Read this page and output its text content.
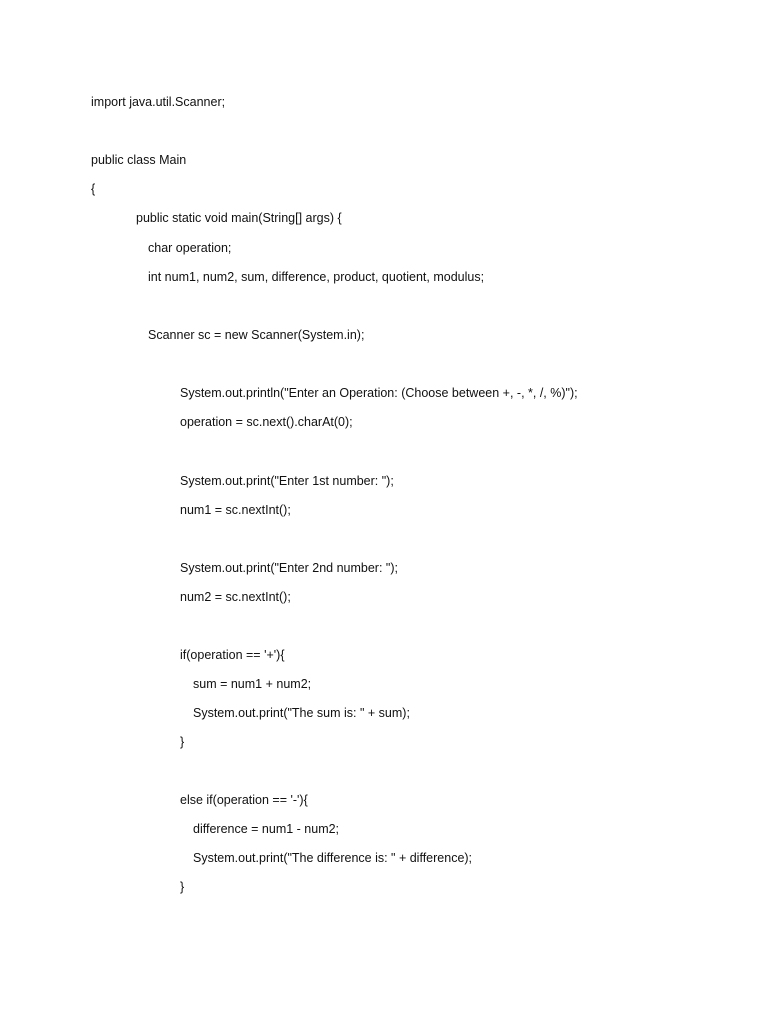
import java.util.Scanner;
public class Main
{
public static void main(String[] args) {
char operation;
int num1, num2, sum, difference, product, quotient, modulus;
Scanner sc = new Scanner(System.in);
System.out.println("Enter an Operation: (Choose between +, -, *, /, %)");
operation = sc.next().charAt(0);
System.out.print("Enter 1st number: ");
num1 = sc.nextInt();
System.out.print("Enter 2nd number: ");
num2 = sc.nextInt();
if(operation == '+'){
sum = num1 + num2;
System.out.print("The sum is: " + sum);
}
else if(operation == '-'){
difference = num1 - num2;
System.out.print("The difference is: " + difference);
}
